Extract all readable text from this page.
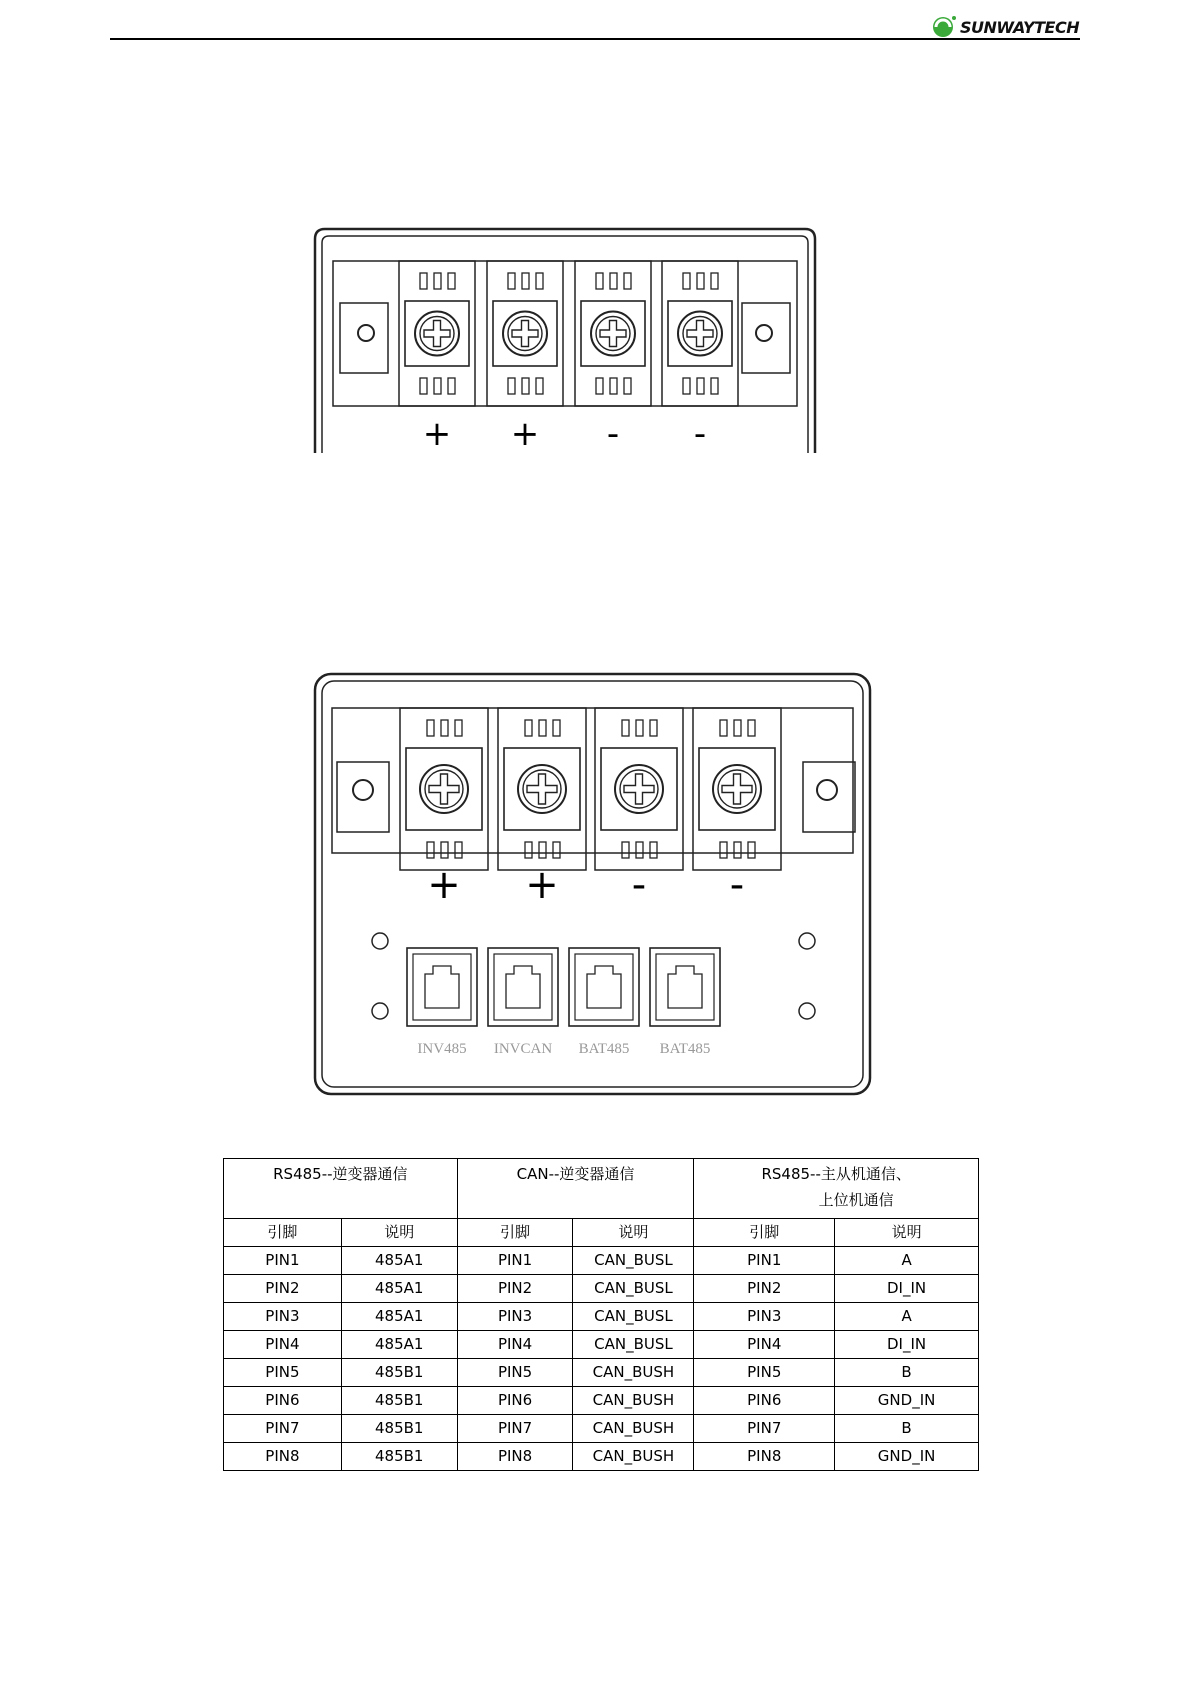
SUNWAYTECH
+ + - -
+ + - -
INV485 INVCAN BAT485 BAT485
RS485--逆变器通信		CAN--逆变器通信		RS485--主从机通信、
上位机通信	

引脚	说明	引脚	说明	引脚	说明
PIN1	485A1	PIN1	CAN_BUSL	PIN1	A
PIN2	485A1	PIN2	CAN_BUSL	PIN2	DI_IN
PIN3	485A1	PIN3	CAN_BUSL	PIN3	A
PIN4	485A1	PIN4	CAN_BUSL	PIN4	DI_IN
PIN5	485B1	PIN5	CAN_BUSH	PIN5	B
PIN6	485B1	PIN6	CAN_BUSH	PIN6	GND_IN
PIN7	485B1	PIN7	CAN_BUSH	PIN7	B
PIN8	485B1	PIN8	CAN_BUSH	PIN8	GND_IN
